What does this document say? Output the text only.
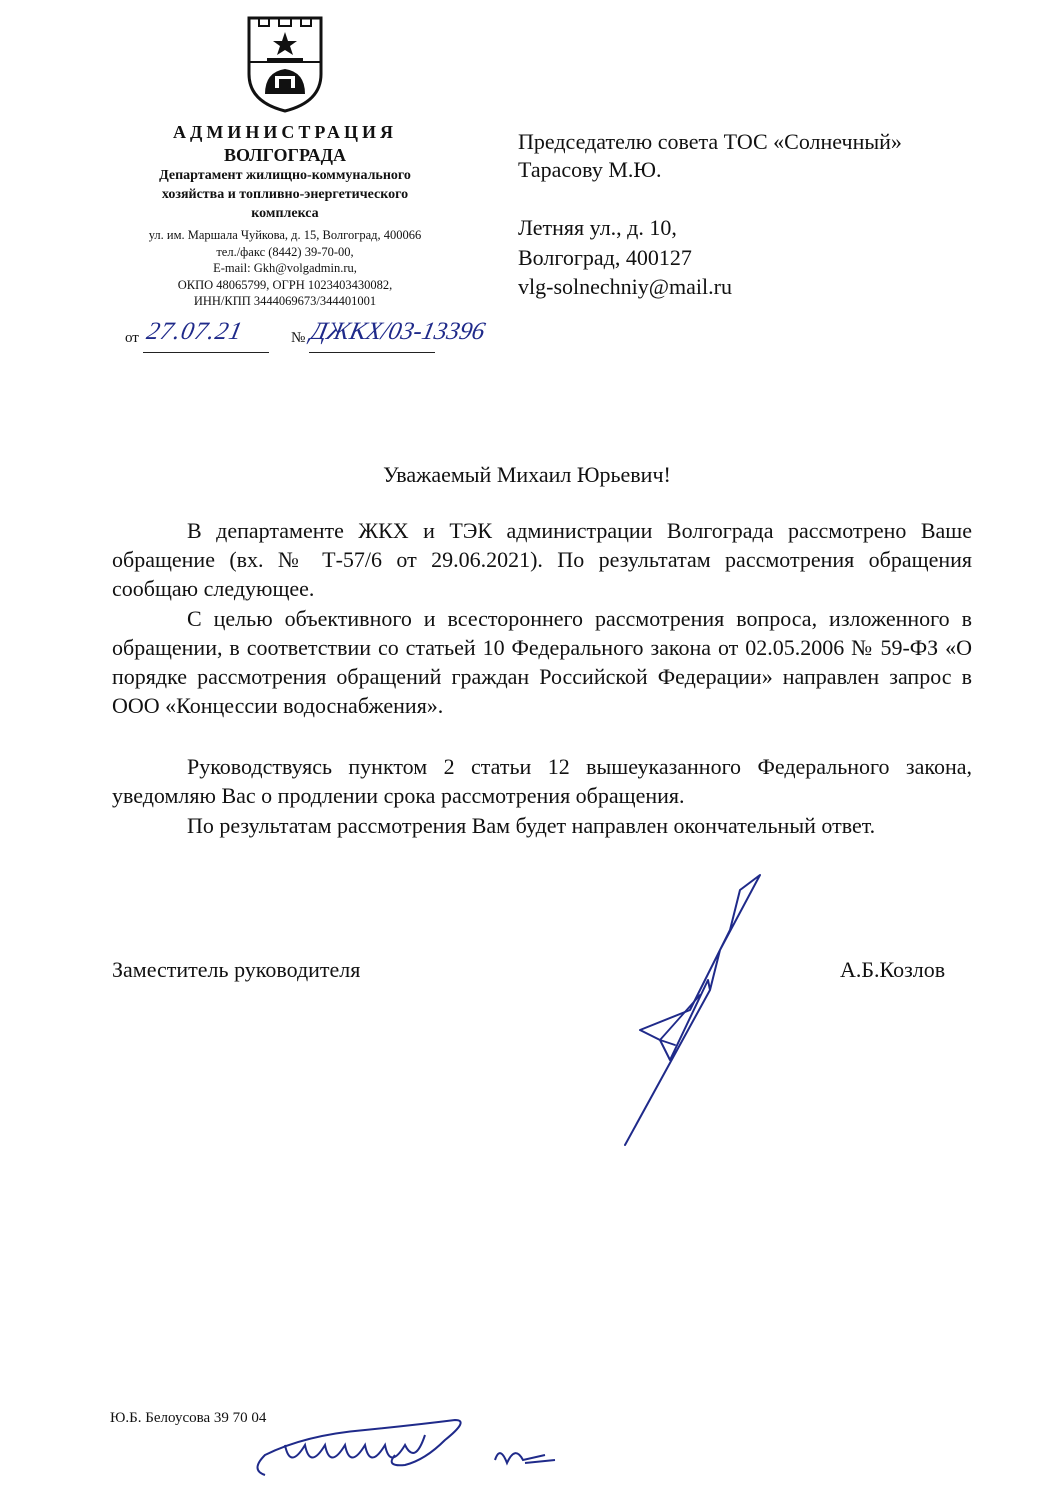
АДМИНИСТРАЦИЯ
ВОЛГОГРАДА
Департамент жилищно-коммунального
хозяйства и топливно-энергетического
комплекса
ул. им. Маршала Чуйкова, д. 15, Волгоград, 400066
тел./факс (8442) 39-70-00,
E-mail: Gkh@volgadmin.ru,
ОКПО 48065799, ОГРН 1023403430082,
ИНН/КПП 3444069673/344401001
от 27.07.21	№ ДЖКХ/03-13396
Председателю совета ТОС «Солнечный»
Тарасову М.Ю.
Летняя ул., д. 10,
Волгоград, 400127
vlg-solnechniy@mail.ru
Уважаемый Михаил Юрьевич!
В департаменте ЖКХ и ТЭК администрации Волгограда рассмотрено Ваше обращение (вх. № Т-57/6 от 29.06.2021). По результатам рассмотрения обращения сообщаю следующее.
С целью объективного и всестороннего рассмотрения вопроса, изложенного в обращении, в соответствии со статьей 10 Федерального закона от 02.05.2006 № 59-ФЗ «О порядке рассмотрения обращений граждан Российской Федерации» направлен запрос в ООО «Концессии водоснабжения».
Руководствуясь пунктом 2 статьи 12 вышеуказанного Федерального закона, уведомляю Вас о продлении срока рассмотрения обращения.
По результатам рассмотрения Вам будет направлен окончательный ответ.
Заместитель руководителя	А.Б.Козлов
Ю.Б. Белоусова 39 70 04
